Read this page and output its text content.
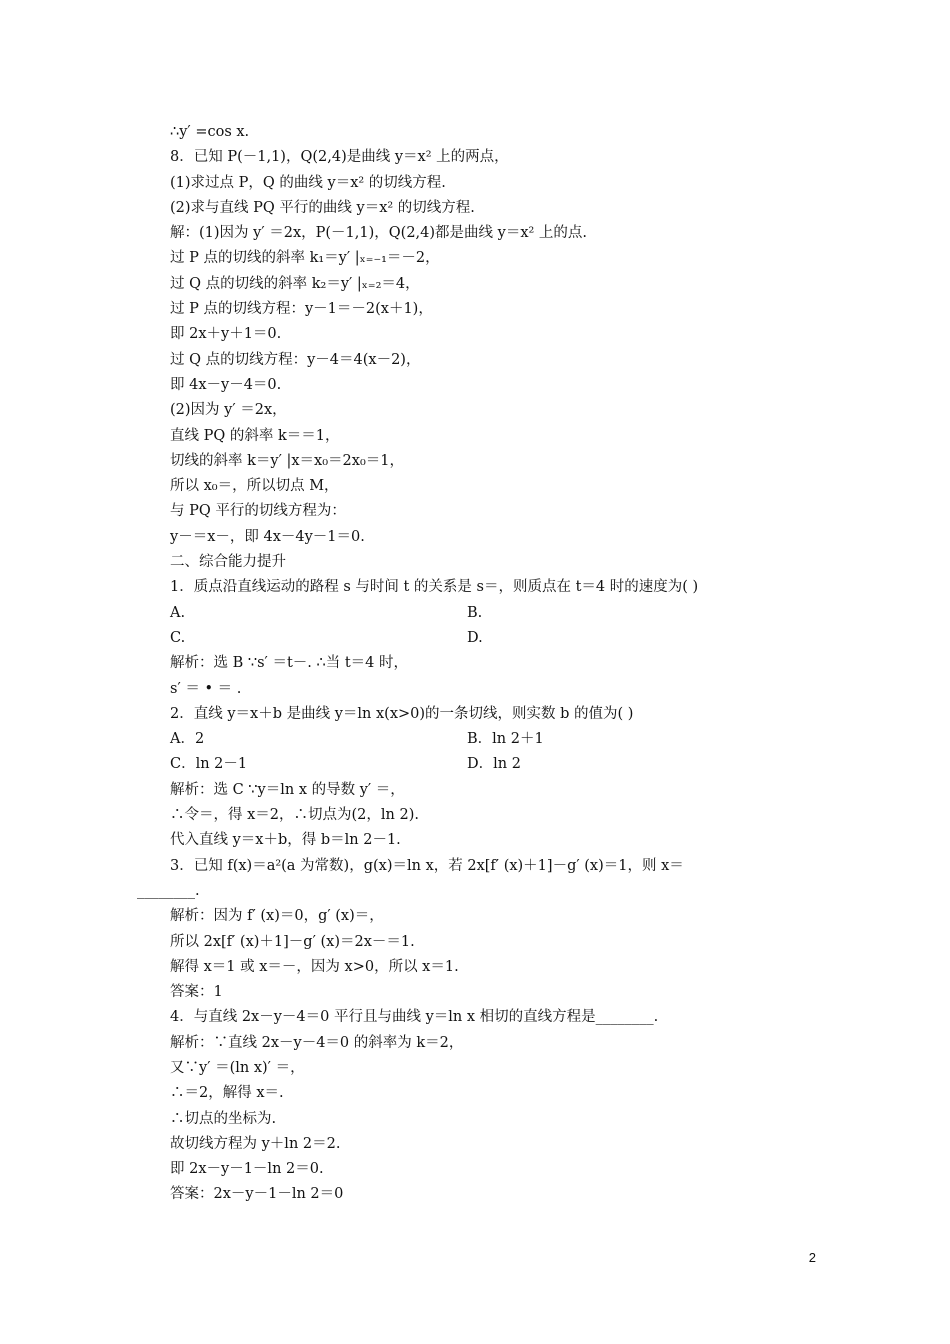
∴y′ =cos x.
8．已知 P(－1,1)，Q(2,4)是曲线 y＝x² 上的两点，
(1)求过点 P，Q 的曲线 y＝x² 的切线方程.
(2)求与直线 PQ 平行的曲线 y＝x² 的切线方程.
解：(1)因为 y′ ＝2x，P(－1,1)，Q(2,4)都是曲线 y＝x² 上的点.
过 P 点的切线的斜率 k₁＝y′ |ₓ₌₋₁＝－2，
过 Q 点的切线的斜率 k₂＝y′ |ₓ₌₂＝4，
过 P 点的切线方程：y－1＝－2(x＋1)，
即 2x＋y＋1＝0.
过 Q 点的切线方程：y－4＝4(x－2)，
即 4x－y－4＝0.
(2)因为 y′ ＝2x，
直线 PQ 的斜率 k＝＝1，
切线的斜率 k＝y′ |x＝x₀＝2x₀＝1，
所以 x₀＝，所以切点 M，
与 PQ 平行的切线方程为：
y－＝x－，即 4x－4y－1＝0.
二、综合能力提升
1．质点沿直线运动的路程 s 与时间 t 的关系是 s＝，则质点在 t＝4 时的速度为( )
A.	B.
C.	D.
解析：选 B ∵s′ ＝t－. ∴当 t＝4 时，
s′ ＝ • ＝ .
2．直线 y＝x＋b 是曲线 y＝ln x(x>0)的一条切线，则实数 b 的值为( )
A．2	B．ln 2＋1
C．ln 2－1	D．ln 2
解析：选 C ∵y＝ln x 的导数 y′ ＝，
∴令＝，得 x＝2，∴切点为(2，ln 2).
代入直线 y＝x＋b，得 b＝ln 2－1.
3．已知 f(x)＝a²(a 为常数)，g(x)＝ln x，若 2x[f′ (x)＋1]－g′ (x)＝1，则 x＝
________.
解析：因为 f′ (x)＝0，g′ (x)＝，
所以 2x[f′ (x)＋1]－g′ (x)＝2x－＝1.
解得 x＝1 或 x＝－，因为 x>0，所以 x＝1.
答案：1
4．与直线 2x－y－4＝0 平行且与曲线 y＝ln x 相切的直线方程是________.
解析：∵直线 2x－y－4＝0 的斜率为 k＝2，
又∵y′ ＝(ln x)′ ＝，
∴＝2，解得 x＝.
∴切点的坐标为.
故切线方程为 y＋ln 2＝2.
即 2x－y－1－ln 2＝0.
答案：2x－y－1－ln 2＝0
2
